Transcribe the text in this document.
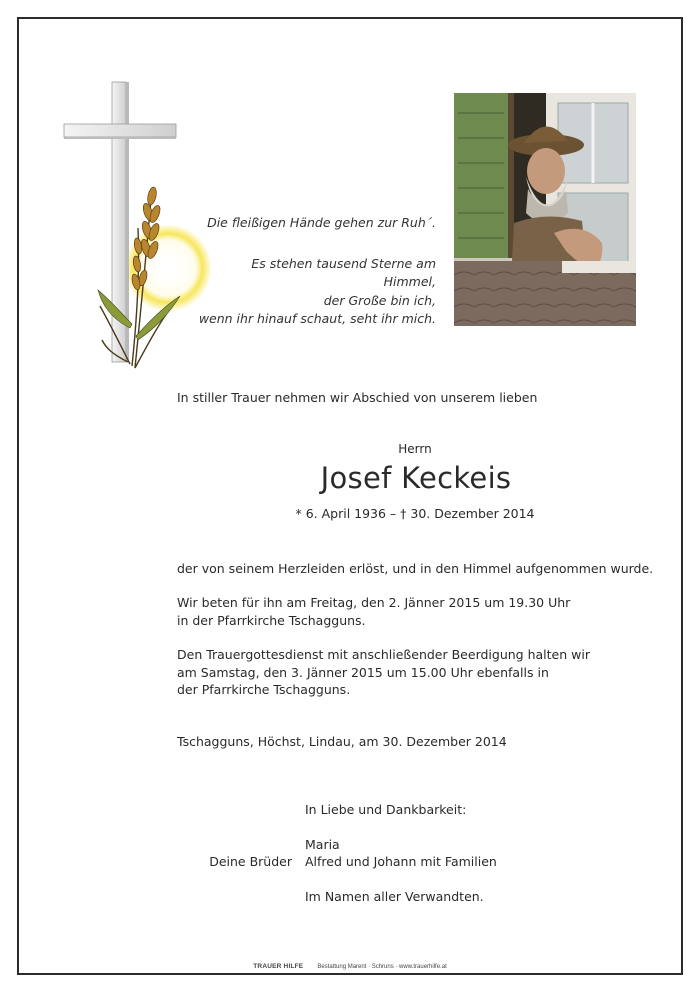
Die fleißigen Hände gehen zur Ruh´.

Es stehen tausend Sterne am Himmel,

der Große bin ich,

wenn ihr hinauf schaut, seht ihr mich.

In stiller Trauer nehmen wir Abschied von unserem lieben
Herrn
Josef Keckeis
* 6. April 1936 – † 30. Dezember 2014
der von seinem Herzleiden erlöst, und in den Himmel aufgenommen wurde.
Wir beten für ihn am Freitag, den 2. Jänner 2015 um 19.30 Uhr
in der Pfarrkirche Tschagguns.
Den Trauergottesdienst mit anschließender Beerdigung halten wir
am Samstag, den 3. Jänner 2015 um 15.00 Uhr ebenfalls in
der Pfarrkirche Tschagguns.
Tschagguns, Höchst, Lindau, am 30. Dezember 2014
In Liebe und Dankbarkeit:
Maria
Deine Brüder Alfred und Johann mit Familien
Im Namen aller Verwandten.
TRAUER HILFE Bestattung Marent · Schruns · www.trauerhilfe.at
